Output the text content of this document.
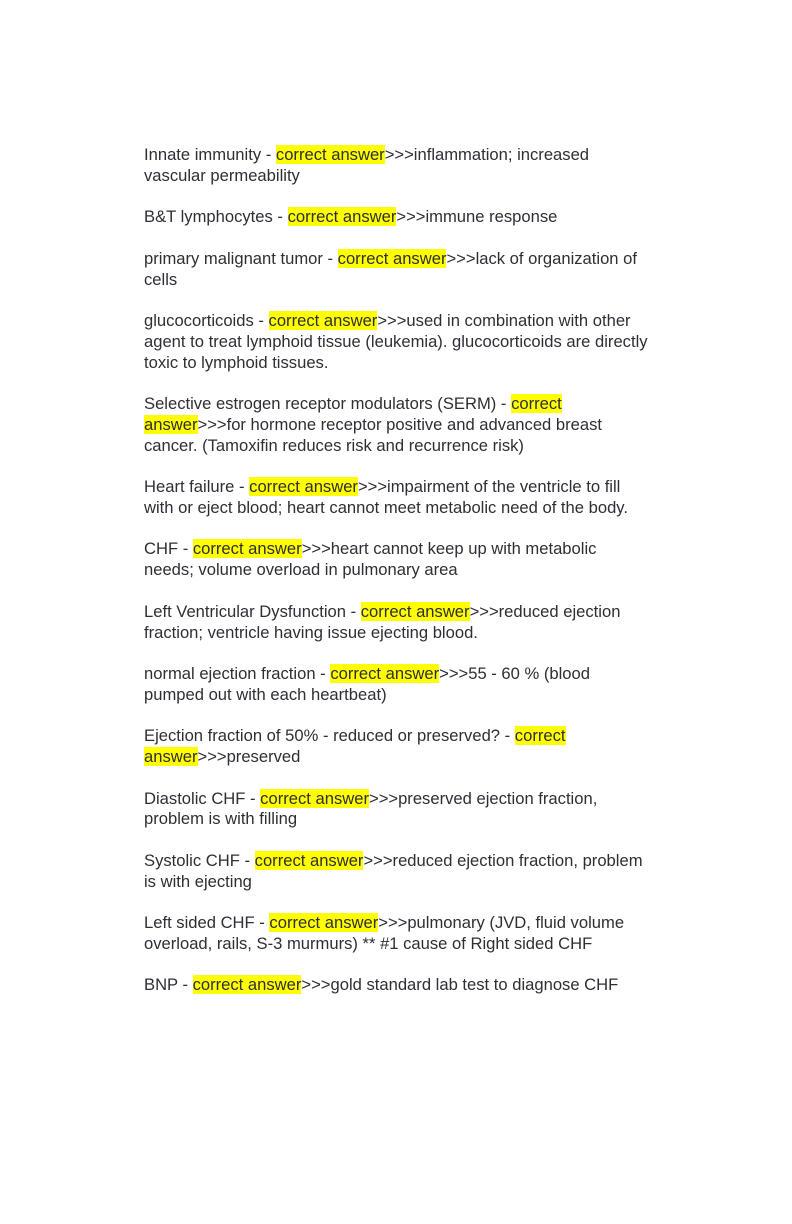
Innate immunity - correct answer>>>inflammation; increased vascular permeability

B&T lymphocytes - correct answer>>>immune response

primary malignant tumor - correct answer>>>lack of organization of cells

glucocorticoids - correct answer>>>used in combination with other agent to treat lymphoid tissue (leukemia). glucocorticoids are directly toxic to lymphoid tissues.

Selective estrogen receptor modulators (SERM) - correct answer>>>for hormone receptor positive and advanced breast cancer. (Tamoxifin reduces risk and recurrence risk)

Heart failure - correct answer>>>impairment of the ventricle to fill with or eject blood; heart cannot meet metabolic need of the body.

CHF - correct answer>>>heart cannot keep up with metabolic needs; volume overload in pulmonary area

Left Ventricular Dysfunction - correct answer>>>reduced ejection fraction; ventricle having issue ejecting blood.

normal ejection fraction - correct answer>>>55 - 60 % (blood pumped out with each heartbeat)

Ejection fraction of 50% - reduced or preserved? - correct answer>>>preserved

Diastolic CHF - correct answer>>>preserved ejection fraction, problem is with filling

Systolic CHF - correct answer>>>reduced ejection fraction, problem is with ejecting

Left sided CHF - correct answer>>>pulmonary (JVD, fluid volume overload, rails, S-3 murmurs) ** #1 cause of Right sided CHF

BNP - correct answer>>>gold standard lab test to diagnose CHF
